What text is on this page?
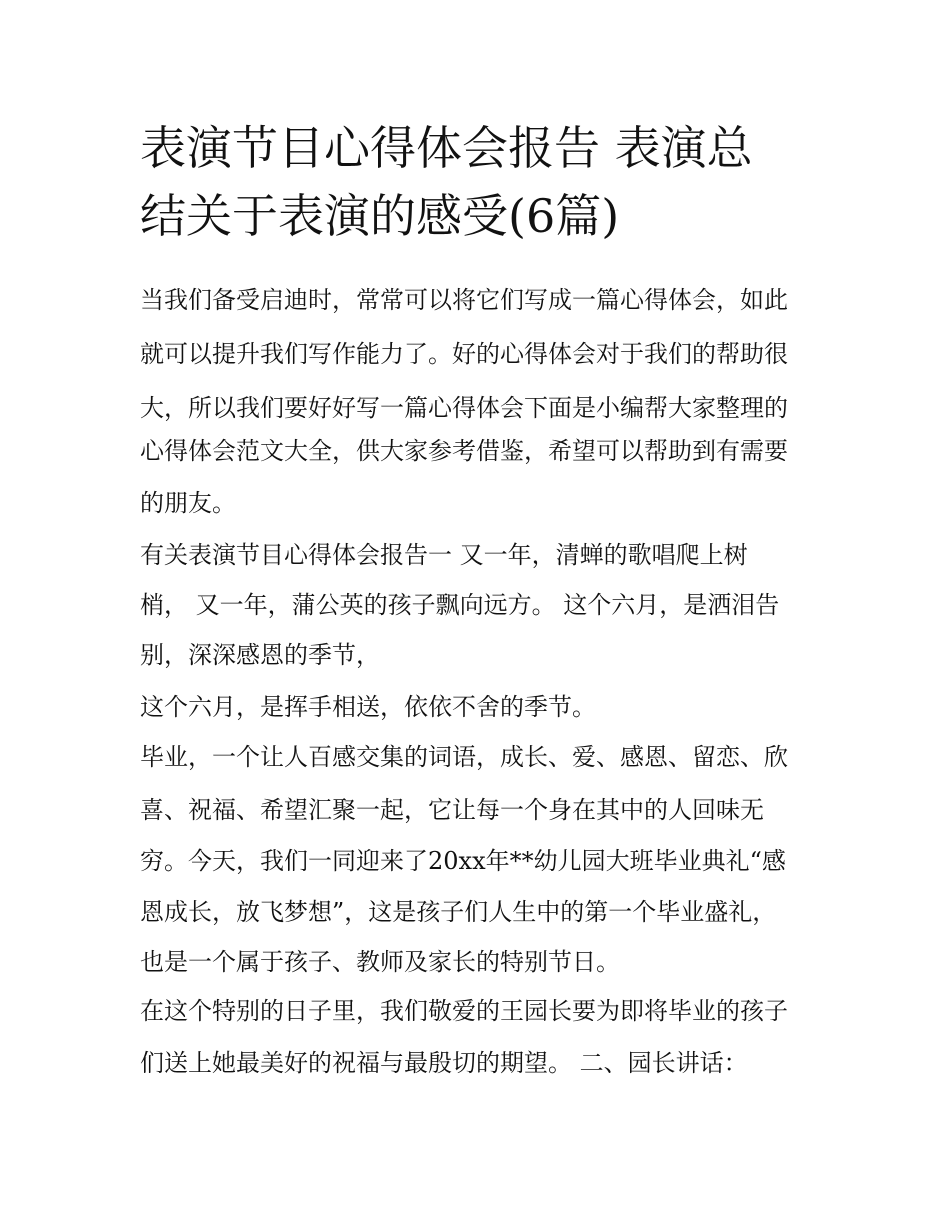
表演节目心得体会报告 表演总
结关于表演的感受(6篇)

当我们备受启迪时，常常可以将它们写成一篇心得体会，如此

就可以提升我们写作能力了。好的心得体会对于我们的帮助很

大，所以我们要好好写一篇心得体会下面是小编帮大家整理的

心得体会范文大全，供大家参考借鉴，希望可以帮助到有需要

的朋友。

有关表演节目心得体会报告一 又一年，清蝉的歌唱爬上树

梢， 又一年，蒲公英的孩子飘向远方。 这个六月，是洒泪告

别，深深感恩的季节，

这个六月，是挥手相送，依依不舍的季节。

毕业，一个让人百感交集的词语，成长、爱、感恩、留恋、欣

喜、祝福、希望汇聚一起，它让每一个身在其中的人回味无

穷。今天，我们一同迎来了20xx年**幼儿园大班毕业典礼“感

恩成长，放飞梦想”，这是孩子们人生中的第一个毕业盛礼，

也是一个属于孩子、教师及家长的特别节日。

在这个特别的日子里，我们敬爱的王园长要为即将毕业的孩子

们送上她最美好的祝福与最殷切的期望。 二、园长讲话：
